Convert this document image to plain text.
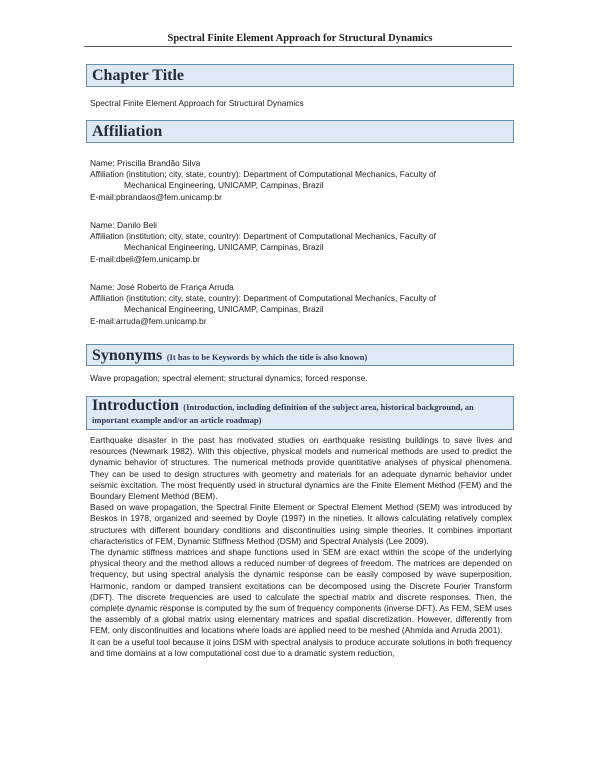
Spectral Finite Element Approach for Structural Dynamics
Chapter Title
Spectral Finite Element Approach for Structural Dynamics
Affiliation
Name: Priscilla Brandão Silva
Affiliation (institution; city, state, country): Department of Computational Mechanics, Faculty of
Mechanical Engineering, UNICAMP, Campinas, Brazil
E-mail:pbrandaos@fem.unicamp.br
Name: Danilo Beli
Affiliation (institution; city, state, country): Department of Computational Mechanics, Faculty of
Mechanical Engineering, UNICAMP, Campinas, Brazil
E-mail:dbeli@fem.unicamp.br
Name: José Roberto de França Arruda
Affiliation (institution; city, state, country): Department of Computational Mechanics, Faculty of
Mechanical Engineering, UNICAMP, Campinas, Brazil
E-mail:arruda@fem.unicamp.br
Synonyms (It has to be Keywords by which the title is also known)
Wave propagation; spectral element; structural dynamics; forced response.
Introduction (Introduction, including definition of the subject area, historical background, an important example and/or an article roadmap)

Earthquake disaster in the past has motivated studies on earthquake resisting buildings to save lives and resources (Newmark 1982). With this objective, physical models and numerical methods are used to predict the dynamic behavior of structures. The numerical methods provide quantitative analyses of physical phenomena. They can be used to design structures with geometry and materials for an adequate dynamic behavior under seismic excitation. The most frequently used in structural dynamics are the Finite Element Method (FEM) and the Boundary Element Method (BEM).

Based on wave propagation, the Spectral Finite Element or Spectral Element Method (SEM) was introduced by Beskos in 1978, organized and seemed by Doyle (1997) in the nineties. It allows calculating relatively complex structures with different boundary conditions and discontinuities using simple theories. It combines important characteristics of FEM, Dynamic Stiffness Method (DSM) and Spectral Analysis (Lee 2009).

The dynamic stiffness matrices and shape functions used in SEM are exact within the scope of the underlying physical theory and the method allows a reduced number of degrees of freedom. The matrices are depended on frequency, but using spectral analysis the dynamic response can be easily composed by wave superposition. Harmonic, random or damped transient excitations can be decomposed using the Discrete Fourier Transform (DFT). The discrete frequencies are used to calculate the spectral matrix and discrete responses. Then, the complete dynamic response is computed by the sum of frequency components (inverse DFT). As FEM, SEM uses the assembly of a global matrix using elementary matrices and spatial discretization. However, differently from FEM, only discontinuities and locations where loads are applied need to be meshed (Ahmida and Arruda 2001).

It can be a useful tool because it joins DSM with spectral analysis to produce accurate solutions in both frequency and time domains at a low computational cost due to a dramatic system reduction,
